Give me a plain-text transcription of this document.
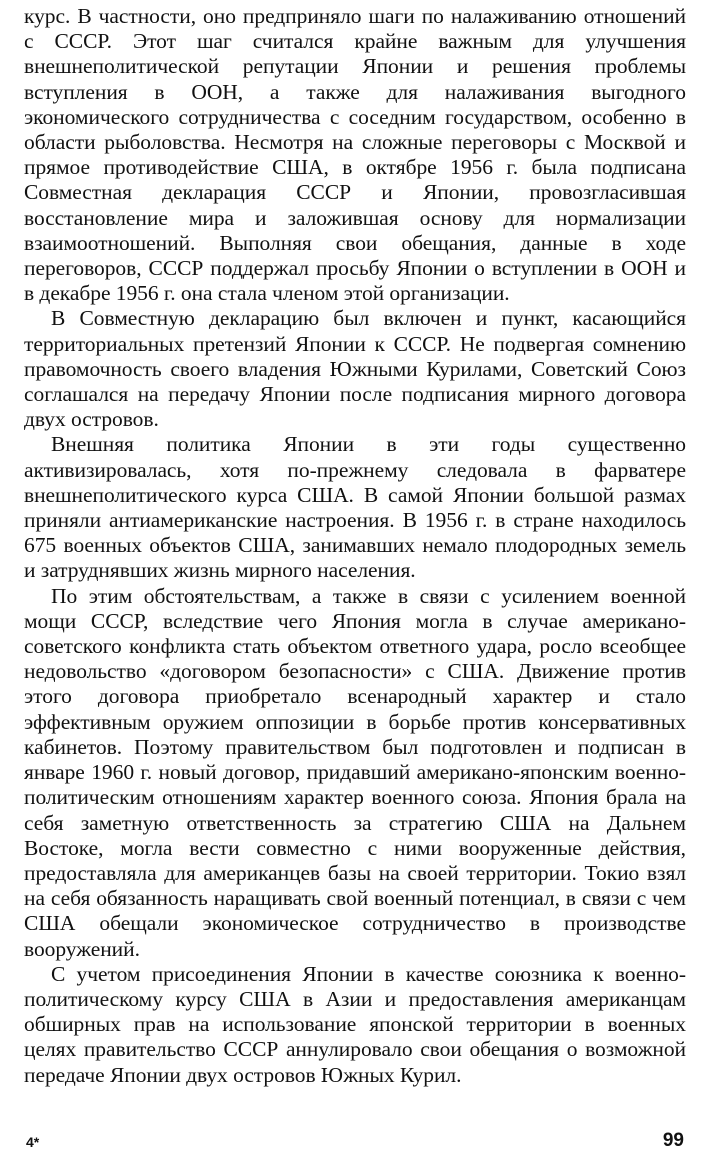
курс. В частности, оно предприняло шаги по налаживанию отношений с СССР. Этот шаг считался крайне важным для улучшения внешнеполитической репутации Японии и решения проблемы вступления в ООН, а также для налаживания выгодного экономического сотрудничества с соседним государством, особенно в области рыболовства. Несмотря на сложные переговоры с Москвой и прямое противодействие США, в октябре 1956 г. была подписана Совместная декларация СССР и Японии, провозгласившая восстановление мира и заложившая основу для нормализации взаимоотношений. Выполняя свои обещания, данные в ходе переговоров, СССР поддержал просьбу Японии о вступлении в ООН и в декабре 1956 г. она стала членом этой организации.

В Совместную декларацию был включен и пункт, касающийся территориальных претензий Японии к СССР. Не подвергая сомнению правомочность своего владения Южными Курилами, Советский Союз соглашался на передачу Японии после подписания мирного договора двух островов.

Внешняя политика Японии в эти годы существенно активизировалась, хотя по-прежнему следовала в фарватере внешнеполитического курса США. В самой Японии большой размах приняли антиамериканские настроения. В 1956 г. в стране находилось 675 военных объектов США, занимавших немало плодородных земель и затруднявших жизнь мирного населения.

По этим обстоятельствам, а также в связи с усилением военной мощи СССР, вследствие чего Япония могла в случае американо-советского конфликта стать объектом ответного удара, росло всеобщее недовольство «договором безопасности» с США. Движение против этого договора приобретало всенародный характер и стало эффективным оружием оппозиции в борьбе против консервативных кабинетов. Поэтому правительством был подготовлен и подписан в январе 1960 г. новый договор, придавший американо-японским военно-политическим отношениям характер военного союза. Япония брала на себя заметную ответственность за стратегию США на Дальнем Востоке, могла вести совместно с ними вооруженные действия, предоставляла для американцев базы на своей территории. Токио взял на себя обязанность наращивать свой военный потенциал, в связи с чем США обещали экономическое сотрудничество в производстве вооружений.

С учетом присоединения Японии в качестве союзника к военно-политическому курсу США в Азии и предоставления американцам обширных прав на использование японской территории в военных целях правительство СССР аннулировало свои обещания о возможной передаче Японии двух островов Южных Курил.

4*	99
